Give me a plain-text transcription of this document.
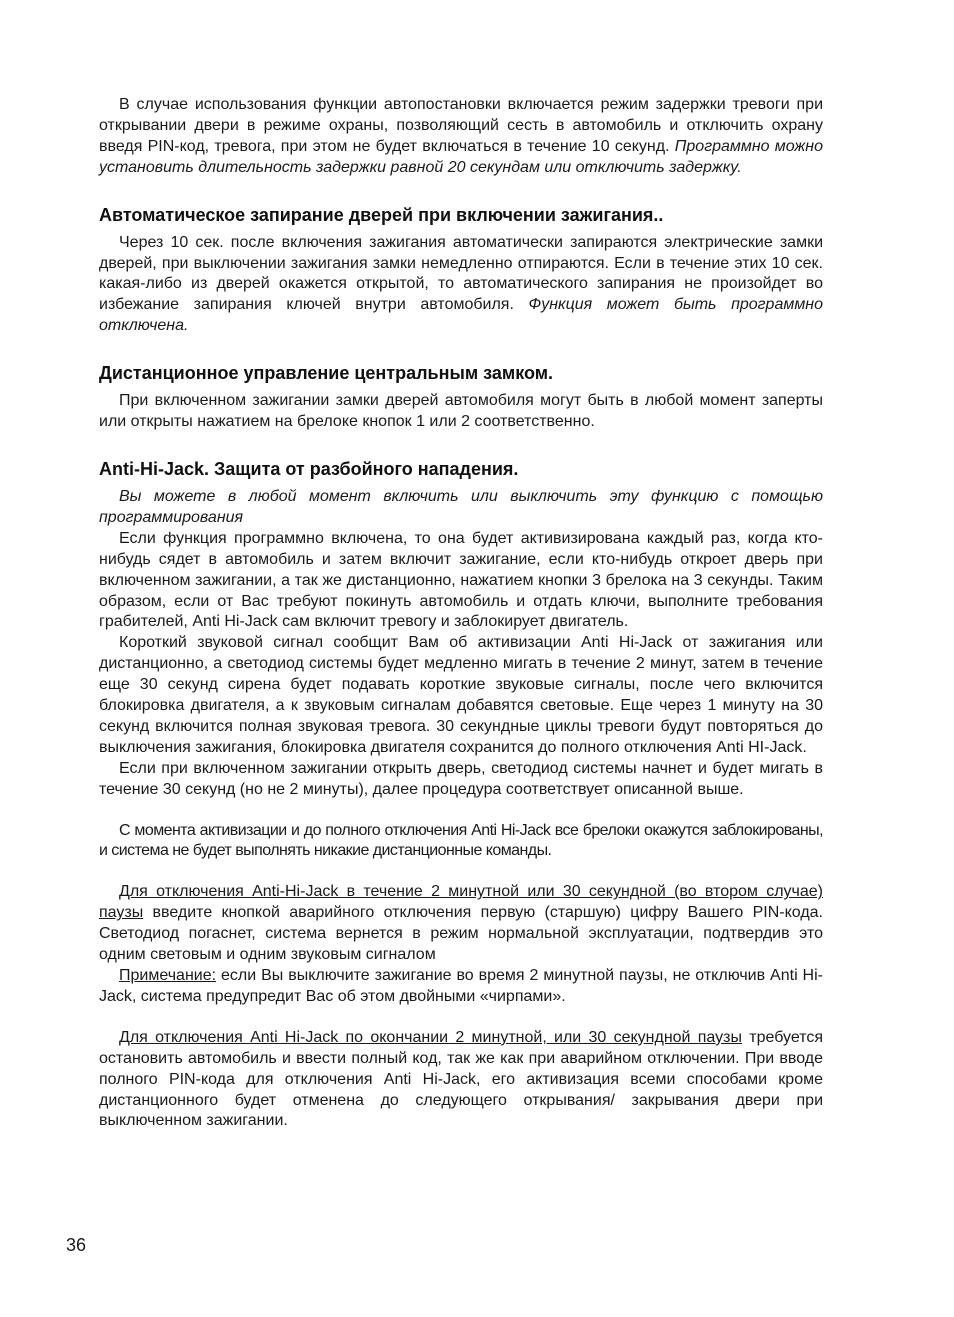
В случае использования функции автопостановки включается режим задержки тревоги при открывании двери в режиме охраны, позволяющий сесть в автомобиль и отключить охрану введя PIN-код, тревога, при этом не будет включаться в течение 10 секунд. Программно можно установить длительность задержки равной 20 секундам или отключить задержку.

Автоматическое запирание дверей при включении зажигания..

Через 10 сек. после включения зажигания автоматически запираются электрические замки дверей, при выключении зажигания замки немедленно отпираются. Если в течение этих 10 сек. какая-либо из дверей окажется открытой, то автоматического запирания не произойдет во избежание запирания ключей внутри автомобиля. Функция может быть программно отключена.

Дистанционное управление центральным замком.

При включенном зажигании замки дверей автомобиля могут быть в любой момент заперты или открыты нажатием на брелоке кнопок 1 или 2 соответственно.

Anti-Hi-Jack. Защита от разбойного нападения.

Вы можете в любой момент включить или выключить эту функцию с помощью программирования

Если функция программно включена, то она будет активизирована каждый раз, когда кто-нибудь сядет в автомобиль и затем включит зажигание, если кто-нибудь откроет дверь при включенном зажигании, а так же дистанционно, нажатием кнопки 3 брелока на 3 секунды. Таким образом, если от Вас требуют покинуть автомобиль и отдать ключи, выполните требования грабителей, Anti Hi-Jack сам включит тревогу и заблокирует двигатель.

Короткий звуковой сигнал сообщит Вам об активизации Anti Hi-Jack от зажигания или дистанционно, а светодиод системы будет медленно мигать в течение 2 минут, затем в течение еще 30 секунд сирена будет подавать короткие звуковые сигналы, после чего включится блокировка двигателя, а к звуковым сигналам добавятся световые. Еще через 1 минуту на 30 секунд включится полная звуковая тревога. 30 секундные циклы тревоги будут повторяться до выключения зажигания, блокировка двигателя сохранится до полного отключения Anti HI-Jack.

Если при включенном зажигании открыть дверь, светодиод системы начнет и будет мигать в течение 30 секунд (но не 2 минуты), далее процедура соответствует описанной выше.

С момента активизации и до полного отключения Anti Hi-Jack все брелоки окажутся заблокированы, и система не будет выполнять никакие дистанционные команды.

Для отключения Anti-Hi-Jack в течение 2 минутной или 30 секундной (во втором случае) паузы введите кнопкой аварийного отключения первую (старшую) цифру Вашего PIN-кода. Светодиод погаснет, система вернется в режим нормальной эксплуатации, подтвердив это одним световым и одним звуковым сигналом

Примечание: если Вы выключите зажигание во время 2 минутной паузы, не отключив Anti Hi-Jack, система предупредит Вас об этом двойными «чирпами».

Для отключения Anti Hi-Jack по окончании 2 минутной, или 30 секундной паузы требуется остановить автомобиль и ввести полный код, так же как при аварийном отключении. При вводе полного PIN-кода для отключения Anti Hi-Jack, его активизация всеми способами кроме дистанционного будет отменена до следующего открывания/ закрывания двери при выключенном зажигании.

36
